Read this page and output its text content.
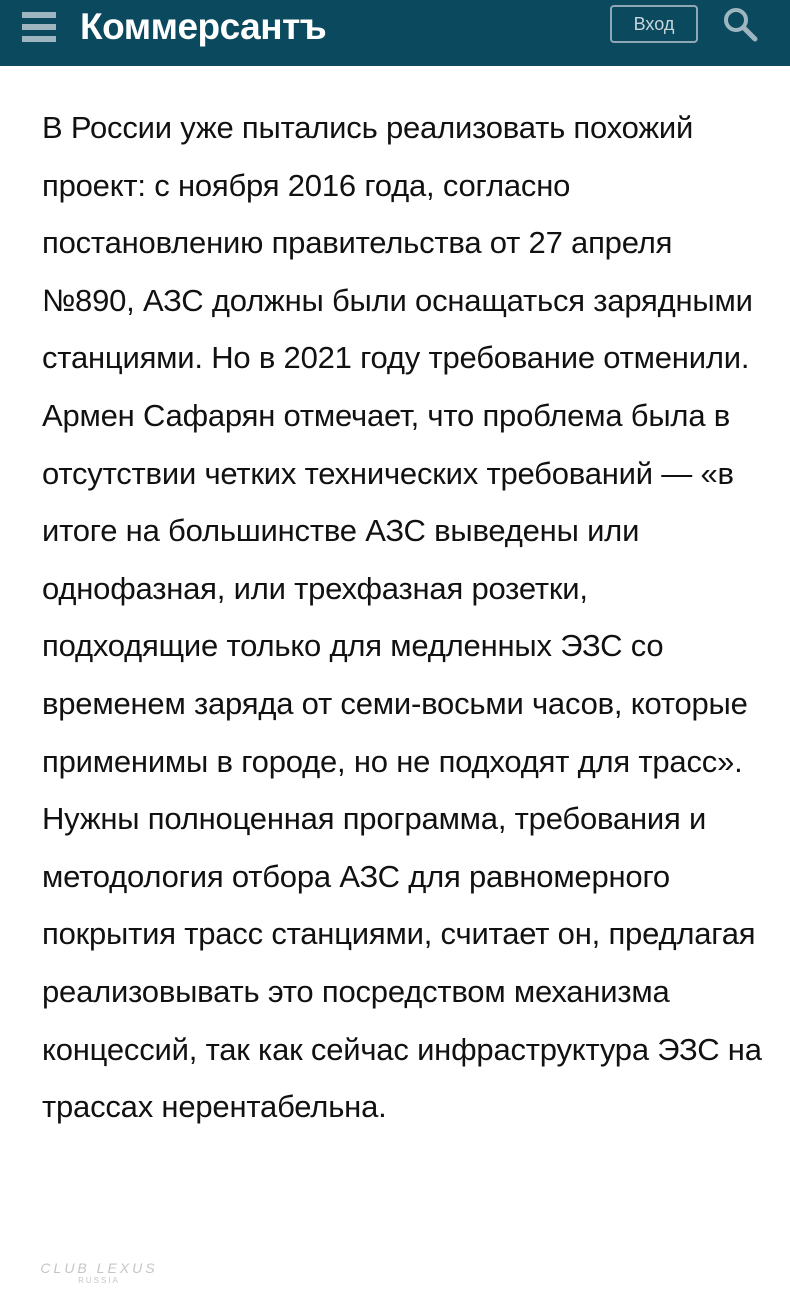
Коммерсантъ	Вход

В России уже пытались реализовать похожий проект: с ноября 2016 года, согласно постановлению правительства от 27 апреля №890, АЗС должны были оснащаться зарядными станциями. Но в 2021 году требование отменили. Армен Сафарян отмечает, что проблема была в отсутствии четких технических требований — «в итоге на большинстве АЗС выведены или однофазная, или трехфазная розетки, подходящие только для медленных ЭЗС со временем заряда от семи-восьми часов, которые применимы в городе, но не подходят для трасс». Нужны полноценная программа, требования и методология отбора АЗС для равномерного покрытия трасс станциями, считает он, предлагая реализовывать это посредством механизма концессий, так как сейчас инфраструктура ЭЗС на трассах нерентабельна.

CLUB LEXUS
RUSSIA
